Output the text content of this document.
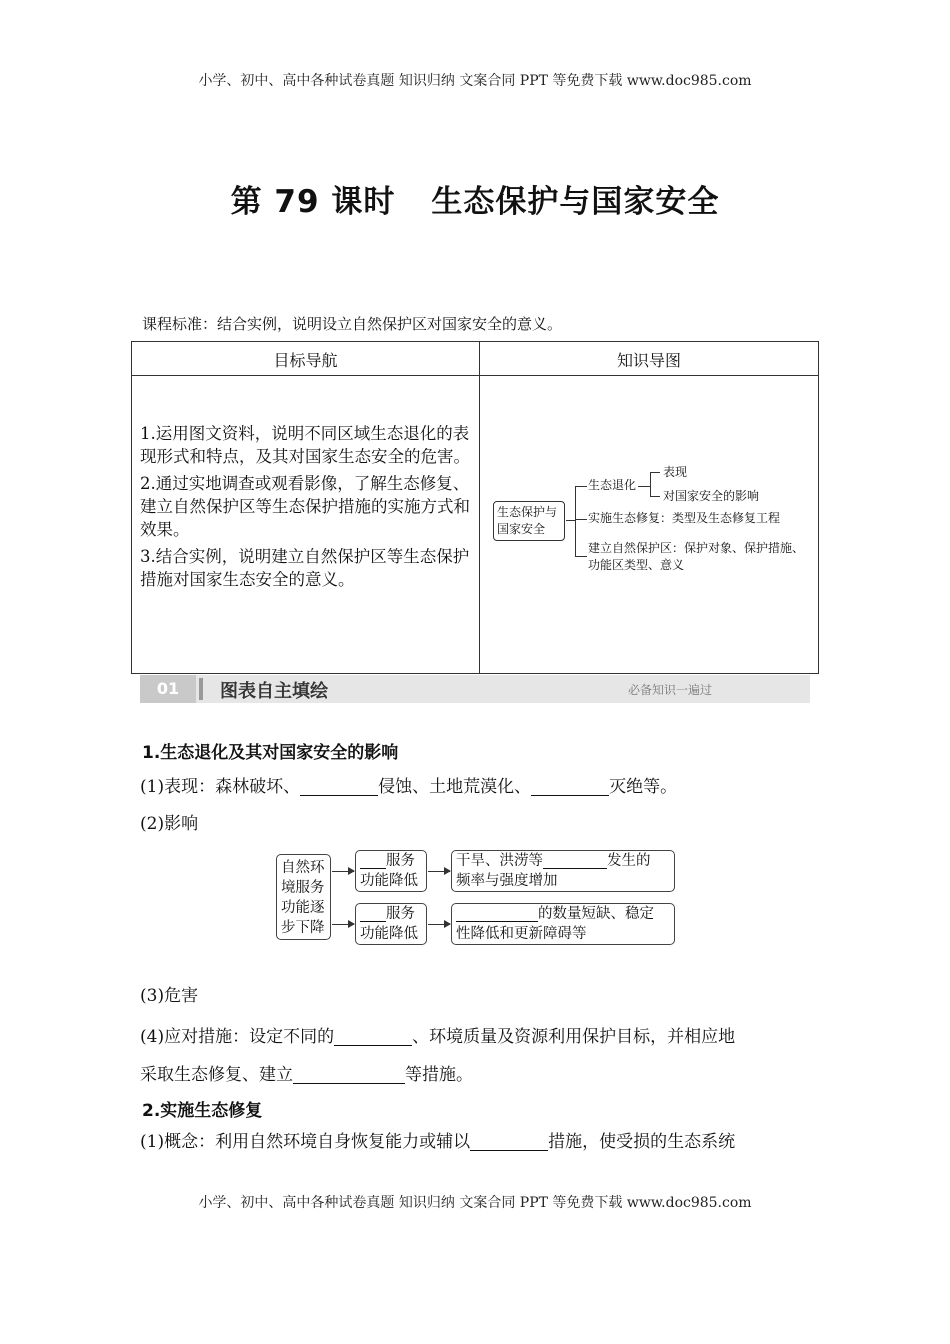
小学、初中、高中各种试卷真题 知识归纳 文案合同 PPT 等免费下载 www.doc985.com
第 79 课时 生态保护与国家安全
课程标准：结合实例，说明设立自然保护区对国家安全的意义。
目标导航	知识导图

1.运用图文资料，说明不同区域生态退化的表现形式和特点，及其对国家生态安全的危害。

2.通过实地调查或观看影像，了解生态修复、建立自然保护区等生态保护措施的实施方式和效果。

3.结合实例，说明建立自然保护区等生态保护措施对国家生态安全的意义。

生态保护与国家安全
生态退化
表现
对国家安全的影响
实施生态修复：类型及生态修复工程
建立自然保护区：保护对象、保护措施、功能区类型、意义
01	图表自主填绘	必备知识一遍过
1.生态退化及其对国家安全的影响
(1)表现：森林破坏、	侵蚀、土地荒漠化、	灭绝等。
(2)影响
自然环境服务功能逐步下降
服务
功能降低
服务
功能降低
干旱、洪涝等	发生的
频率与强度增加
的数量短缺、稳定
性降低和更新障碍等
(3)危害
(4)应对措施：设定不同的	、环境质量及资源利用保护目标，并相应地
采取生态修复、建立	等措施。
2.实施生态修复
(1)概念：利用自然环境自身恢复能力或辅以	措施，使受损的生态系统
小学、初中、高中各种试卷真题 知识归纳 文案合同 PPT 等免费下载 www.doc985.com
